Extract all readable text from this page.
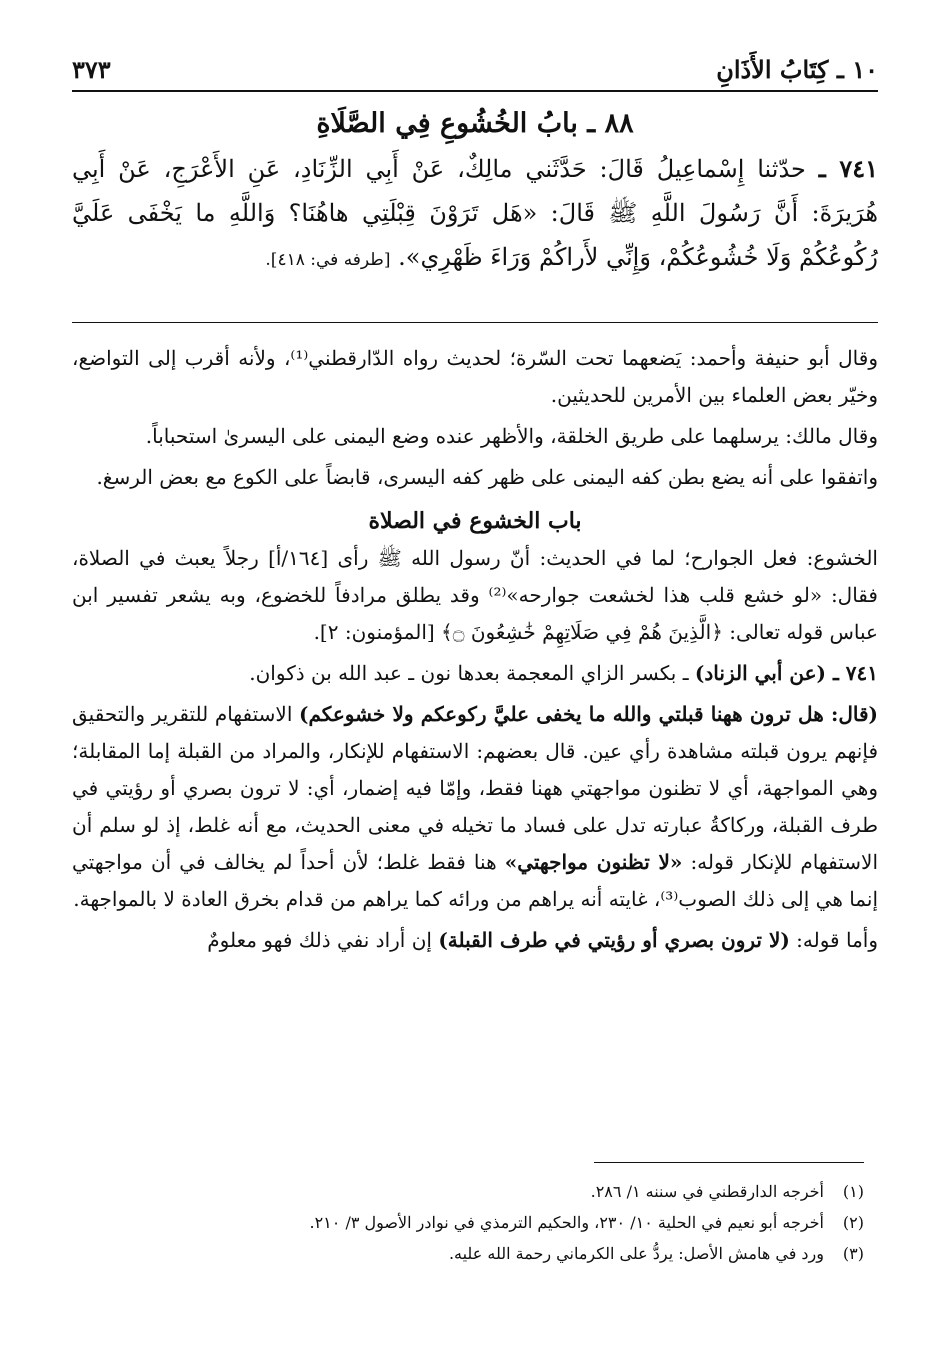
١٠ ـ كِتَابُ الأَذَانِ
٣٧٣
٨٨ ـ بابُ الخُشُوعِ فِي الصَّلَاةِ

٧٤١ ـ حدّثنا إِسْماعِيلُ قَالَ: حَدَّثَني مالِكٌ، عَنْ أَبِي الزِّنَادِ، عَنِ الأَعْرَجِ، عَنْ أَبِي هُرَيرَةَ: أَنَّ رَسُولَ اللَّهِ ﷺ قَالَ: «هَل تَرَوْنَ قِبْلَتِي هاهُنَا؟ وَاللَّهِ ما يَخْفَى عَلَيَّ رُكُوعُكُمْ وَلَا خُشُوعُكُمْ، وَإِنِّي لأَراكُمْ وَرَاءَ ظَهْرِي». [طرفه في: ٤١٨].

وقال أبو حنيفة وأحمد: يَضعهما تحت السّرة؛ لحديث رواه الدّارقطني⁽¹⁾، ولأنه أقرب إلى التواضع، وخيّر بعض العلماء بين الأمرين للحديثين.

وقال مالك: يرسلهما على طريق الخلقة، والأظهر عنده وضع اليمنى على اليسرىٰ استحباباً.

واتفقوا على أنه يضع بطن كفه اليمنى على ظهر كفه اليسرى، قابضاً على الكوع مع بعض الرسغ.

باب الخشوع في الصلاة

الخشوع: فعل الجوارح؛ لما في الحديث: أنّ رسول الله ﷺ رأى [١٦٤/أ] رجلاً يعبث في الصلاة، فقال: «لو خشع قلب هذا لخشعت جوارحه»⁽²⁾ وقد يطلق مرادفاً للخضوع، وبه يشعر تفسير ابن عباس قوله تعالى: ﴿الَّذِينَ هُمْ فِي صَلَاتِهِمْ خَٰشِعُونَ ۝﴾ [المؤمنون: ٢].

٧٤١ ـ (عن أبي الزناد) ـ بكسر الزاي المعجمة بعدها نون ـ عبد الله بن ذكوان.

(قال: هل ترون ههنا قبلتي والله ما يخفى عليَّ ركوعكم ولا خشوعكم) الاستفهام للتقرير والتحقيق فإنهم يرون قبلته مشاهدة رأي عين. قال بعضهم: الاستفهام للإنكار، والمراد من القبلة إما المقابلة؛ وهي المواجهة، أي لا تظنون مواجهتي ههنا فقط، وإمّا فيه إضمار، أي: لا ترون بصري أو رؤيتي في طرف القبلة، وركاكةُ عبارته تدل على فساد ما تخيله في معنى الحديث، مع أنه غلط، إذ لو سلم أن الاستفهام للإنكار قوله: «لا تظنون مواجهتي» هنا فقط غلط؛ لأن أحداً لم يخالف في أن مواجهتي إنما هي إلى ذلك الصوب⁽³⁾، غايته أنه يراهم من ورائه كما يراهم من قدام بخرق العادة لا بالمواجهة.

وأما قوله: (لا ترون بصري أو رؤيتي في طرف القبلة) إن أراد نفي ذلك فهو معلومٌ

(١)أخرجه الدارقطني في سننه ١/ ٢٨٦.

(٢)أخرجه أبو نعيم في الحلية ١٠/ ٢٣٠، والحكيم الترمذي في نوادر الأصول ٣/ ٢١٠.

(٣)ورد في هامش الأصل: يردُّ على الكرماني رحمة الله عليه.
